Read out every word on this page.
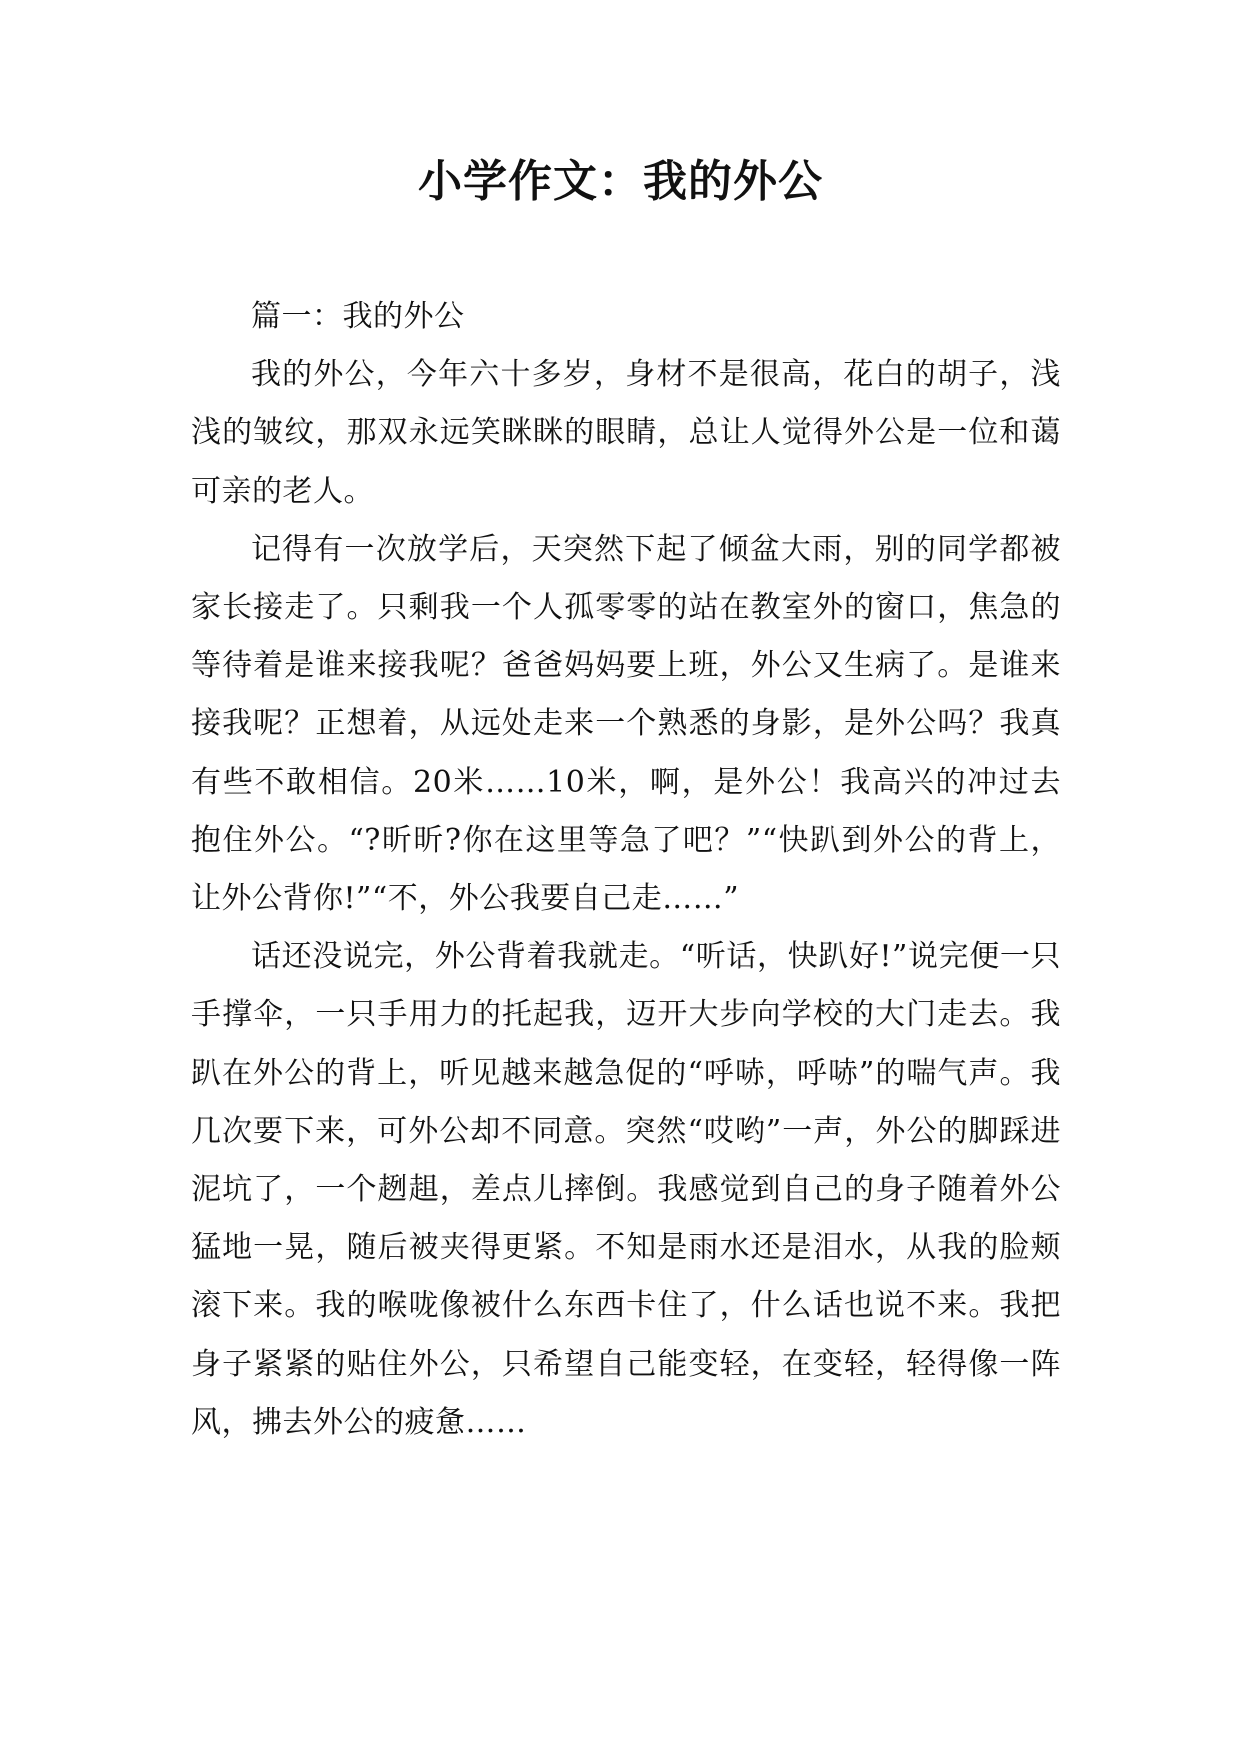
小学作文：我的外公

篇一：我的外公

我的外公，今年六十多岁，身材不是很高，花白的胡子，浅浅的皱纹，那双永远笑眯眯的眼睛，总让人觉得外公是一位和蔼可亲的老人。

记得有一次放学后，天突然下起了倾盆大雨，别的同学都被家长接走了。只剩我一个人孤零零的站在教室外的窗口，焦急的等待着是谁来接我呢？爸爸妈妈要上班，外公又生病了。是谁来接我呢？正想着，从远处走来一个熟悉的身影，是外公吗？我真有些不敢相信。20米……10米，啊，是外公！我高兴的冲过去抱住外公。“?昕昕?你在这里等急了吧？”“快趴到外公的背上，让外公背你!”“不，外公我要自己走……”

话还没说完，外公背着我就走。“听话，快趴好!”说完便一只手撑伞，一只手用力的托起我，迈开大步向学校的大门走去。我趴在外公的背上，听见越来越急促的“呼哧，呼哧”的喘气声。我几次要下来，可外公却不同意。突然“哎哟”一声，外公的脚踩进泥坑了，一个趔趄，差点儿摔倒。我感觉到自己的身子随着外公猛地一晃，随后被夹得更紧。不知是雨水还是泪水，从我的脸颊滚下来。我的喉咙像被什么东西卡住了，什么话也说不来。我把身子紧紧的贴住外公，只希望自己能变轻，在变轻，轻得像一阵风，拂去外公的疲惫……
